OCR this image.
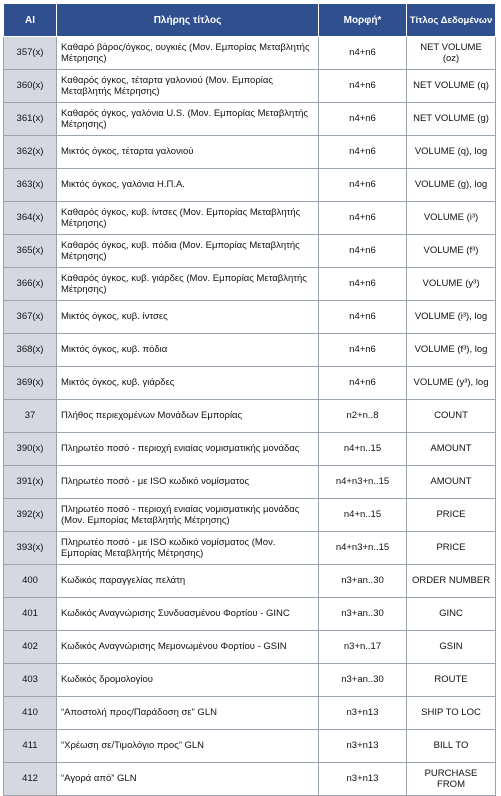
AI	Πλήρης τίτλος	Μορφή*	Τίτλος Δεδομένων
357(x)	Καθαρό βάρος/όγκος, ουγκιές (Μον. Εμπορίας Μεταβλητής Μέτρησης)	n4+n6	NET VOLUME (oz)
360(x)	Καθαρός όγκος, τέταρτα γαλονιού (Μον. Εμπορίας Μεταβλητής Μέτρησης)	n4+n6	NET VOLUME (q)
361(x)	Καθαρός όγκος, γαλόνια U.S. (Μον. Εμπορίας Μεταβλητής Μέτρησης)	n4+n6	NET VOLUME (g)
362(x)	Μικτός όγκος, τέταρτα γαλονιού	n4+n6	VOLUME (q), log
363(x)	Μικτός όγκος, γαλόνια Η.Π.Α.	n4+n6	VOLUME (g), log
364(x)	Καθαρός όγκος, κυβ. ίντσες (Μον. Εμπορίας Μεταβλητής Μέτρησης)	n4+n6	VOLUME (i³)
365(x)	Καθαρός όγκος, κυβ. πόδια (Μον. Εμπορίας Μεταβλητής Μέτρησης)	n4+n6	VOLUME (f³)
366(x)	Καθαρός όγκος, κυβ. γιάρδες (Μον. Εμπορίας Μεταβλητής Μέτρησης)	n4+n6	VOLUME (y³)
367(x)	Μικτός όγκος, κυβ. ίντσες	n4+n6	VOLUME (i³), log
368(x)	Μικτός όγκος, κυβ. πόδια	n4+n6	VOLUME (f³), log
369(x)	Μικτός όγκος, κυβ. γιάρδες	n4+n6	VOLUME (y³), log
37	Πλήθος περιεχομένων Μονάδων Εμπορίας	n2+n..8	COUNT
390(x)	Πληρωτέο ποσό - περιοχή ενιαίας νομισματικής μονάδας	n4+n..15	AMOUNT
391(x)	Πληρωτέο ποσό - με ISO κωδικό νομίσματος	n4+n3+n..15	AMOUNT
392(x)	Πληρωτέο ποσό - περιοχή ενιαίας νομισματικής μονάδας (Μον. Εμπορίας Μεταβλητής Μέτρησης)	n4+n..15	PRICE
393(x)	Πληρωτέο ποσό - με ISO κωδικό νομίσματος (Μον. Εμπορίας Μεταβλητής Μέτρησης)	n4+n3+n..15	PRICE
400	Κωδικός παραγγελίας πελάτη	n3+an..30	ORDER NUMBER
401	Κωδικός Αναγνώρισης Συνδυασμένου Φορτίου - GINC	n3+an..30	GINC
402	Κωδικός Αναγνώρισης Μεμονωμένου Φορτίου - GSIN	n3+n..17	GSIN
403	Κωδικός δρομολογίου	n3+an..30	ROUTE
410	“Αποστολή προς/Παράδοση σε” GLN	n3+n13	SHIP TO LOC
411	“Χρέωση σε/Τιμολόγιο προς” GLN	n3+n13	BILL TO
412	“Αγορά από” GLN	n3+n13	PURCHASE FROM
